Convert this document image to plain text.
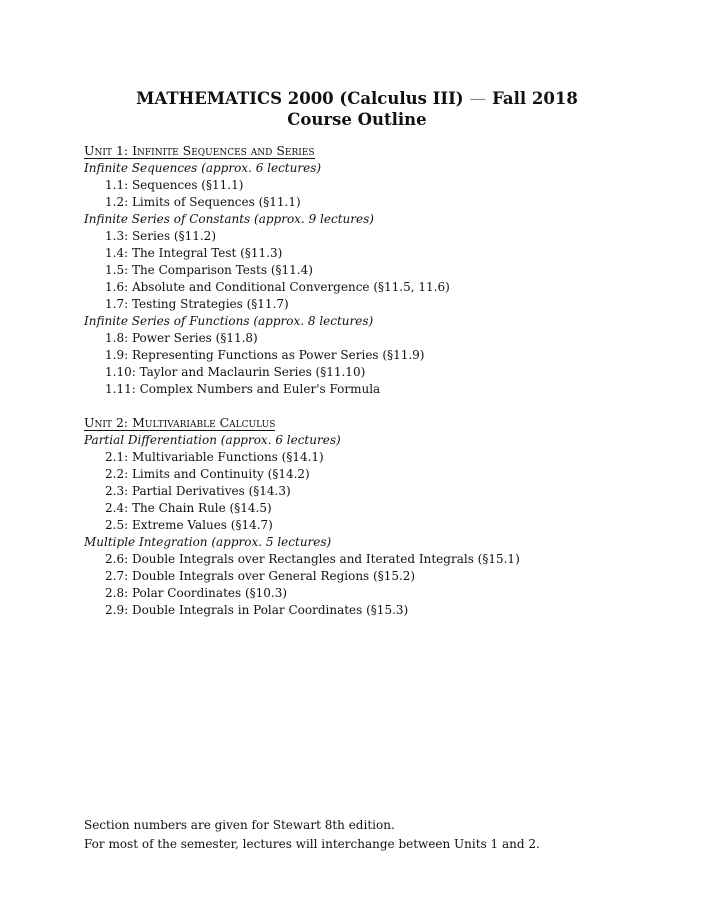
MATHEMATICS 2000 (Calculus III) — Fall 2018
Course Outline
Unit 1: Infinite Sequences and Series
Infinite Sequences (approx. 6 lectures)
1.1: Sequences (§11.1)
1.2: Limits of Sequences (§11.1)
Infinite Series of Constants (approx. 9 lectures)
1.3: Series (§11.2)
1.4: The Integral Test (§11.3)
1.5: The Comparison Tests (§11.4)
1.6: Absolute and Conditional Convergence (§11.5, 11.6)
1.7: Testing Strategies (§11.7)
Infinite Series of Functions (approx. 8 lectures)
1.8: Power Series (§11.8)
1.9: Representing Functions as Power Series (§11.9)
1.10: Taylor and Maclaurin Series (§11.10)
1.11: Complex Numbers and Euler's Formula
Unit 2: Multivariable Calculus
Partial Differentiation (approx. 6 lectures)
2.1: Multivariable Functions (§14.1)
2.2: Limits and Continuity (§14.2)
2.3: Partial Derivatives (§14.3)
2.4: The Chain Rule (§14.5)
2.5: Extreme Values (§14.7)
Multiple Integration (approx. 5 lectures)
2.6: Double Integrals over Rectangles and Iterated Integrals (§15.1)
2.7: Double Integrals over General Regions (§15.2)
2.8: Polar Coordinates (§10.3)
2.9: Double Integrals in Polar Coordinates (§15.3)
Section numbers are given for Stewart 8th edition.
For most of the semester, lectures will interchange between Units 1 and 2.
